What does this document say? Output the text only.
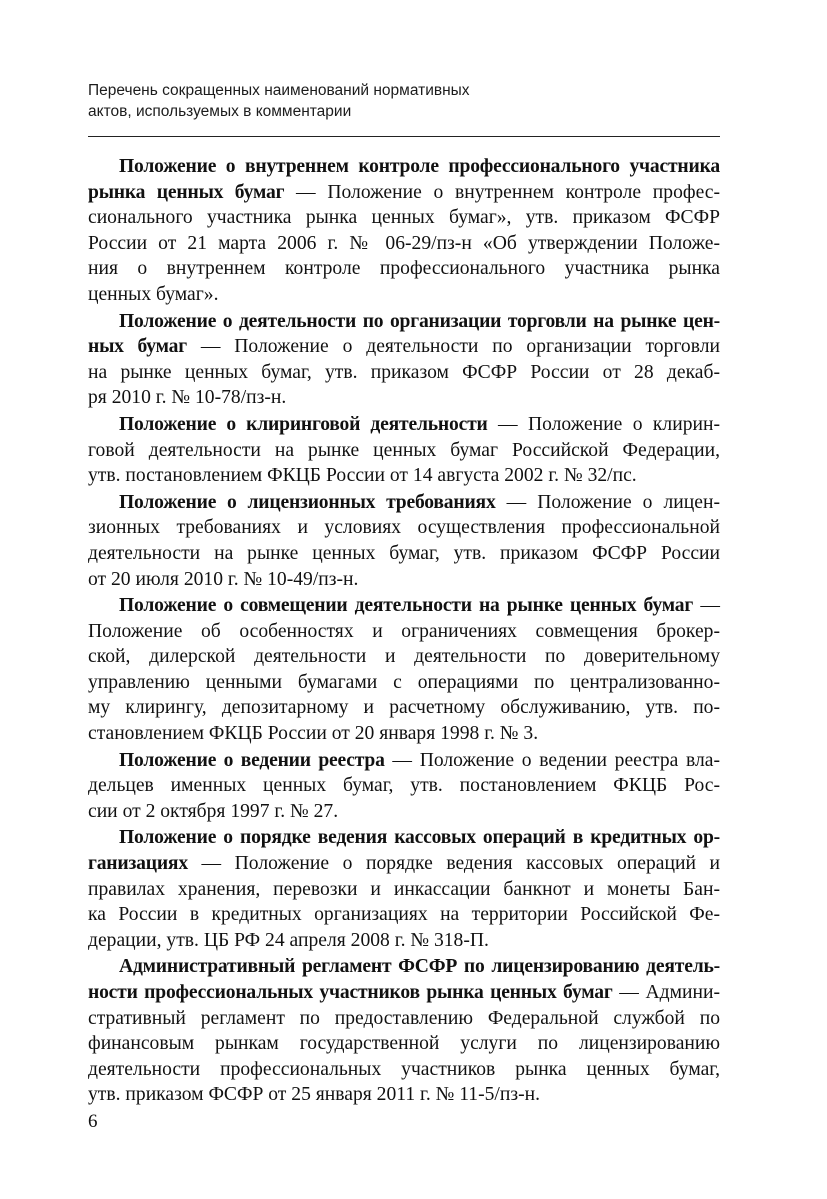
Перечень сокращенных наименований нормативных
актов, используемых в комментарии
Положение о внутреннем контроле профессионального участника
рынка ценных бумаг — Положение о внутреннем контроле профес-
сионального участника рынка ценных бумаг», утв. приказом ФСФР
России от 21 марта 2006 г. № 06-29/пз-н «Об утверждении Положе-
ния о внутреннем контроле профессионального участника рынка
ценных бумаг».
Положение о деятельности по организации торговли на рынке цен-
ных бумаг — Положение о деятельности по организации торговли
на рынке ценных бумаг, утв. приказом ФСФР России от 28 декаб-
ря 2010 г. № 10-78/пз-н.
Положение о клиринговой деятельности — Положение о клирин-
говой деятельности на рынке ценных бумаг Российской Федерации,
утв. постановлением ФКЦБ России от 14 августа 2002 г. № 32/пс.
Положение о лицензионных требованиях — Положение о лицен-
зионных требованиях и условиях осуществления профессиональной
деятельности на рынке ценных бумаг, утв. приказом ФСФР России
от 20 июля 2010 г. № 10-49/пз-н.
Положение о совмещении деятельности на рынке ценных бумаг —
Положение об особенностях и ограничениях совмещения брокер-
ской, дилерской деятельности и деятельности по доверительному
управлению ценными бумагами с операциями по централизованно-
му клирингу, депозитарному и расчетному обслуживанию, утв. по-
становлением ФКЦБ России от 20 января 1998 г. № 3.
Положение о ведении реестра — Положение о ведении реестра вла-
дельцев именных ценных бумаг, утв. постановлением ФКЦБ Рос-
сии от 2 октября 1997 г. № 27.
Положение о порядке ведения кассовых операций в кредитных ор-
ганизациях — Положение о порядке ведения кассовых операций и
правилах хранения, перевозки и инкассации банкнот и монеты Бан-
ка России в кредитных организациях на территории Российской Фе-
дерации, утв. ЦБ РФ 24 апреля 2008 г. № 318-П.
Административный регламент ФСФР по лицензированию деятель-
ности профессиональных участников рынка ценных бумаг — Админи-
стративный регламент по предоставлению Федеральной службой по
финансовым рынкам государственной услуги по лицензированию
деятельности профессиональных участников рынка ценных бумаг,
утв. приказом ФСФР от 25 января 2011 г. № 11-5/пз-н.
6
